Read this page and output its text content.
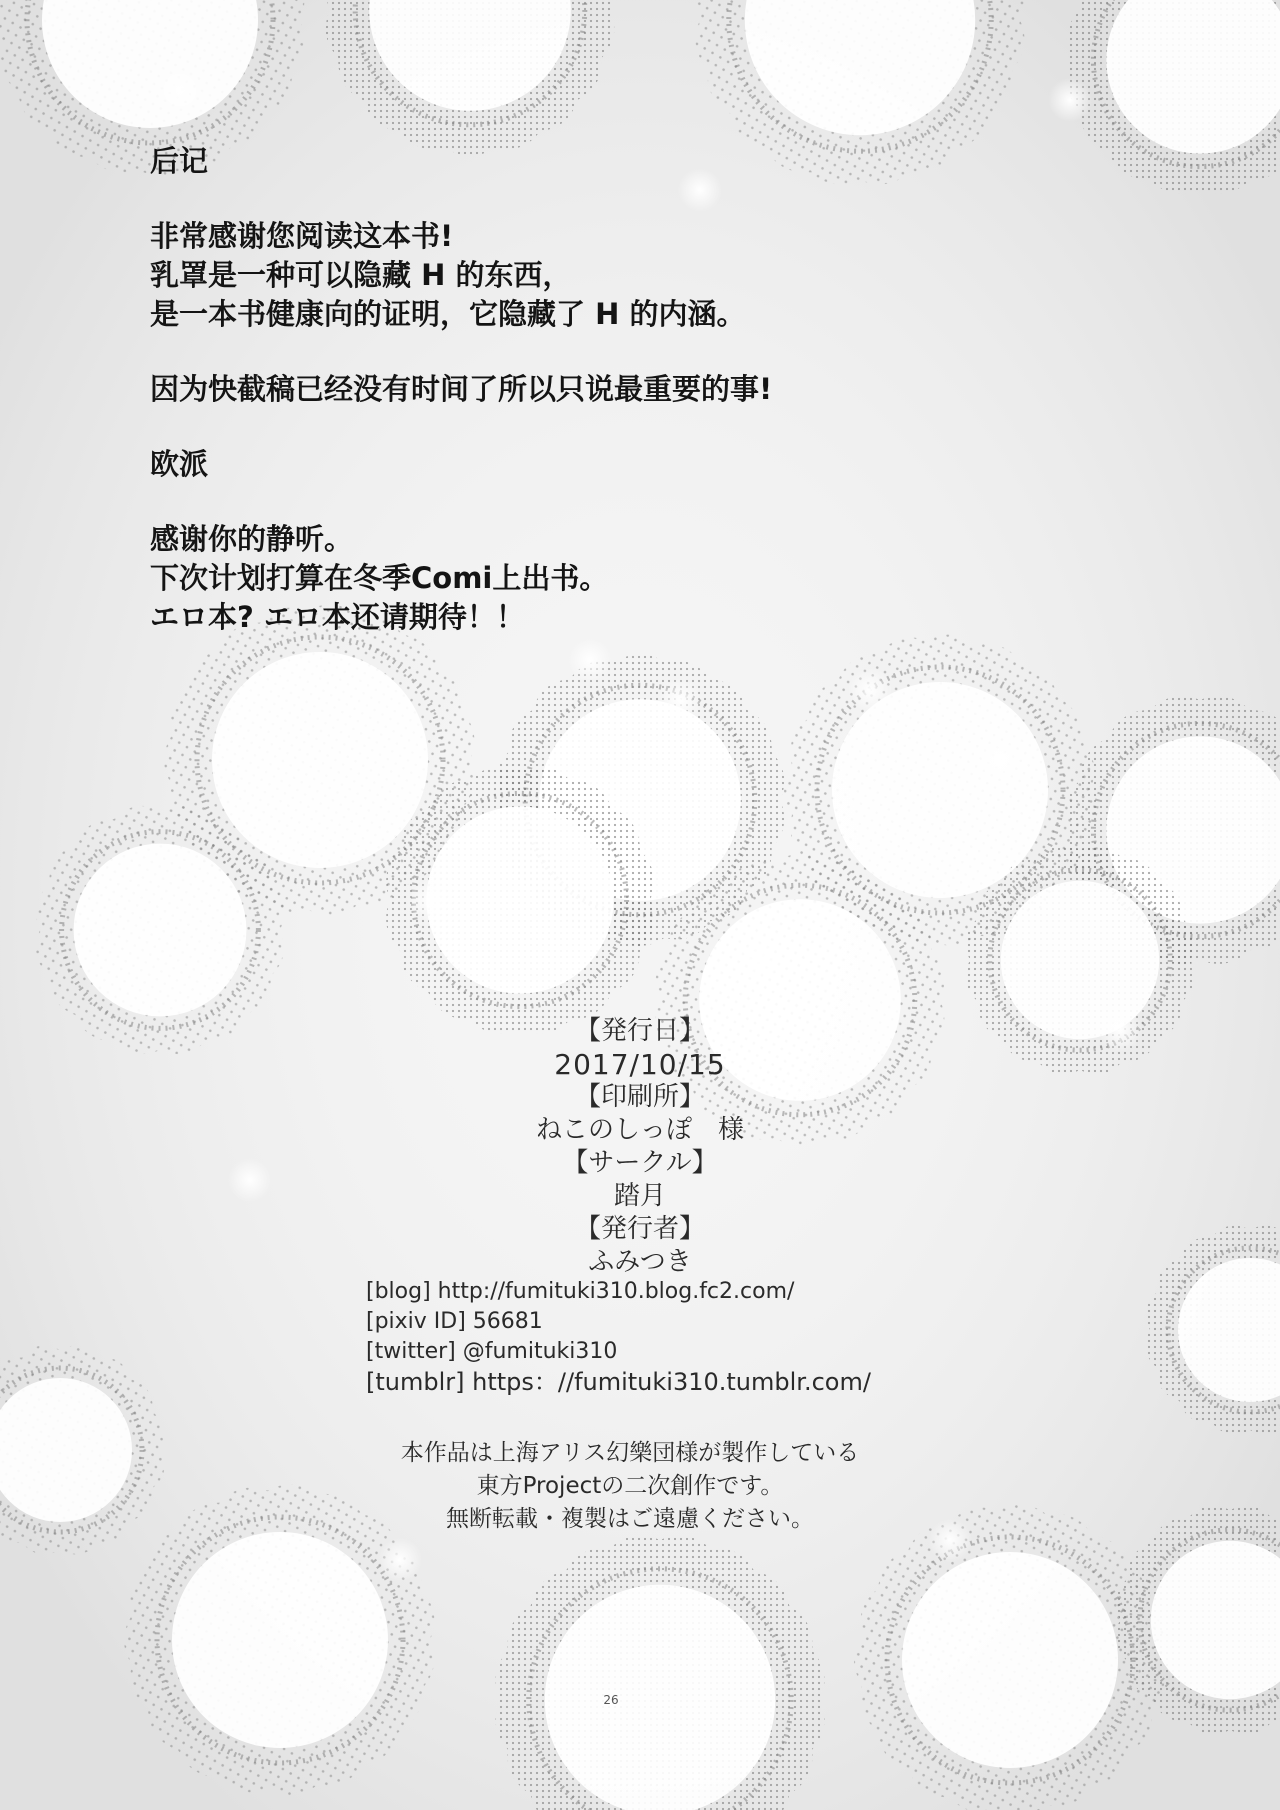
后记
非常感谢您阅读这本书!
乳罩是一种可以隐藏 H 的东西，
是一本书健康向的证明，它隐藏了 H 的内涵。
因为快截稿已经没有时间了所以只说最重要的事!
欧派
感谢你的静听。
下次计划打算在冬季Comi上出书。
エロ本? エロ本还请期待！！
【発行日】
2017/10/15
【印刷所】
ねこのしっぽ　様
【サークル】
踏月
【発行者】
ふみつき
[blog] http://fumituki310.blog.fc2.com/
[pixiv ID] 56681
[twitter] @fumituki310
[tumblr] https：//fumituki310.tumblr.com/
本作品は上海アリス幻樂団様が製作している
東方Projectの二次創作です。
無断転載・複製はご遠慮ください。
26
